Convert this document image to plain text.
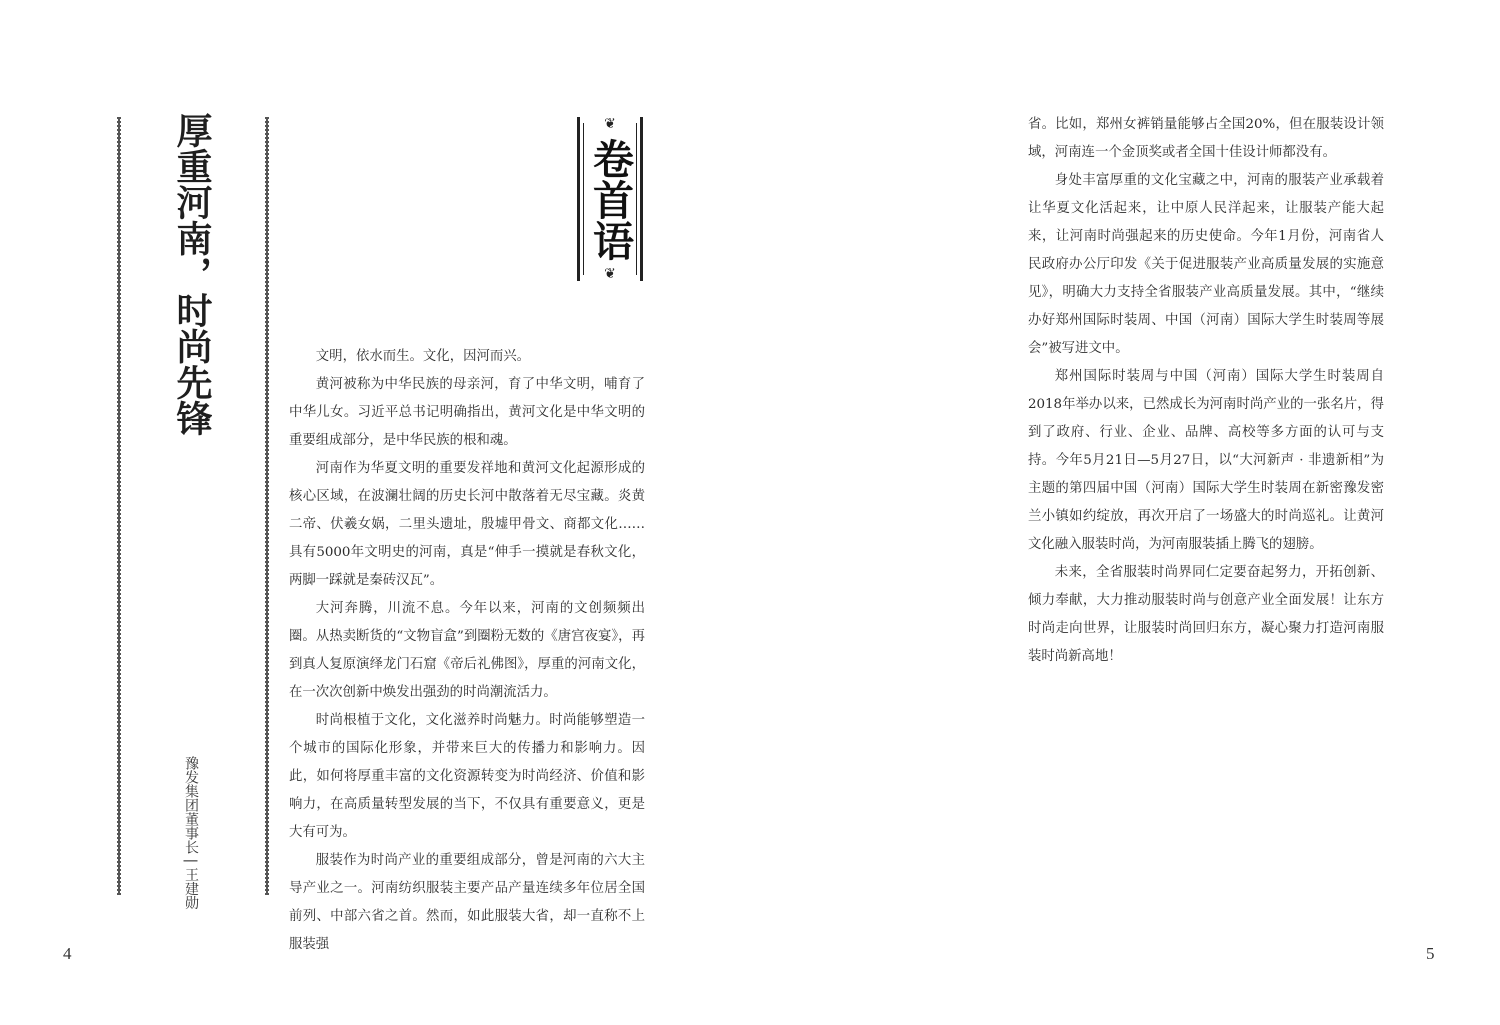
厚重河南，时尚先锋
豫发集团董事长 | 王建勋
❦
卷首语
❦

文明，依水而生。文化，因河而兴。

黄河被称为中华民族的母亲河，育了中华文明，哺育了中华儿女。习近平总书记明确指出，黄河文化是中华文明的重要组成部分，是中华民族的根和魂。

河南作为华夏文明的重要发祥地和黄河文化起源形成的核心区域，在波澜壮阔的历史长河中散落着无尽宝藏。炎黄二帝、伏羲女娲，二里头遗址，殷墟甲骨文、商都文化……具有5000年文明史的河南，真是“伸手一摸就是春秋文化，两脚一踩就是秦砖汉瓦”。

大河奔腾，川流不息。今年以来，河南的文创频频出圈。从热卖断货的“文物盲盒”到圈粉无数的《唐宫夜宴》，再到真人复原演绎龙门石窟《帝后礼佛图》，厚重的河南文化，在一次次创新中焕发出强劲的时尚潮流活力。

时尚根植于文化，文化滋养时尚魅力。时尚能够塑造一个城市的国际化形象，并带来巨大的传播力和影响力。因此，如何将厚重丰富的文化资源转变为时尚经济、价值和影响力，在高质量转型发展的当下，不仅具有重要意义，更是大有可为。

服装作为时尚产业的重要组成部分，曾是河南的六大主导产业之一。河南纺织服装主要产品产量连续多年位居全国前列、中部六省之首。然而，如此服装大省，却一直称不上服装强

省。比如，郑州女裤销量能够占全国20%，但在服装设计领域，河南连一个金顶奖或者全国十佳设计师都没有。

身处丰富厚重的文化宝藏之中，河南的服装产业承载着让华夏文化活起来，让中原人民洋起来，让服装产能大起来，让河南时尚强起来的历史使命。今年1月份，河南省人民政府办公厅印发《关于促进服装产业高质量发展的实施意见》，明确大力支持全省服装产业高质量发展。其中，“继续办好郑州国际时装周、中国（河南）国际大学生时装周等展会”被写进文中。

郑州国际时装周与中国（河南）国际大学生时装周自2018年举办以来，已然成长为河南时尚产业的一张名片，得到了政府、行业、企业、品牌、高校等多方面的认可与支持。今年5月21日—5月27日，以“大河新声 · 非遗新相”为主题的第四届中国（河南）国际大学生时装周在新密豫发密兰小镇如约绽放，再次开启了一场盛大的时尚巡礼。让黄河文化融入服装时尚，为河南服装插上腾飞的翅膀。

未来，全省服装时尚界同仁定要奋起努力，开拓创新、倾力奉献，大力推动服装时尚与创意产业全面发展！让东方时尚走向世界，让服装时尚回归东方，凝心聚力打造河南服装时尚新高地！

4	5
